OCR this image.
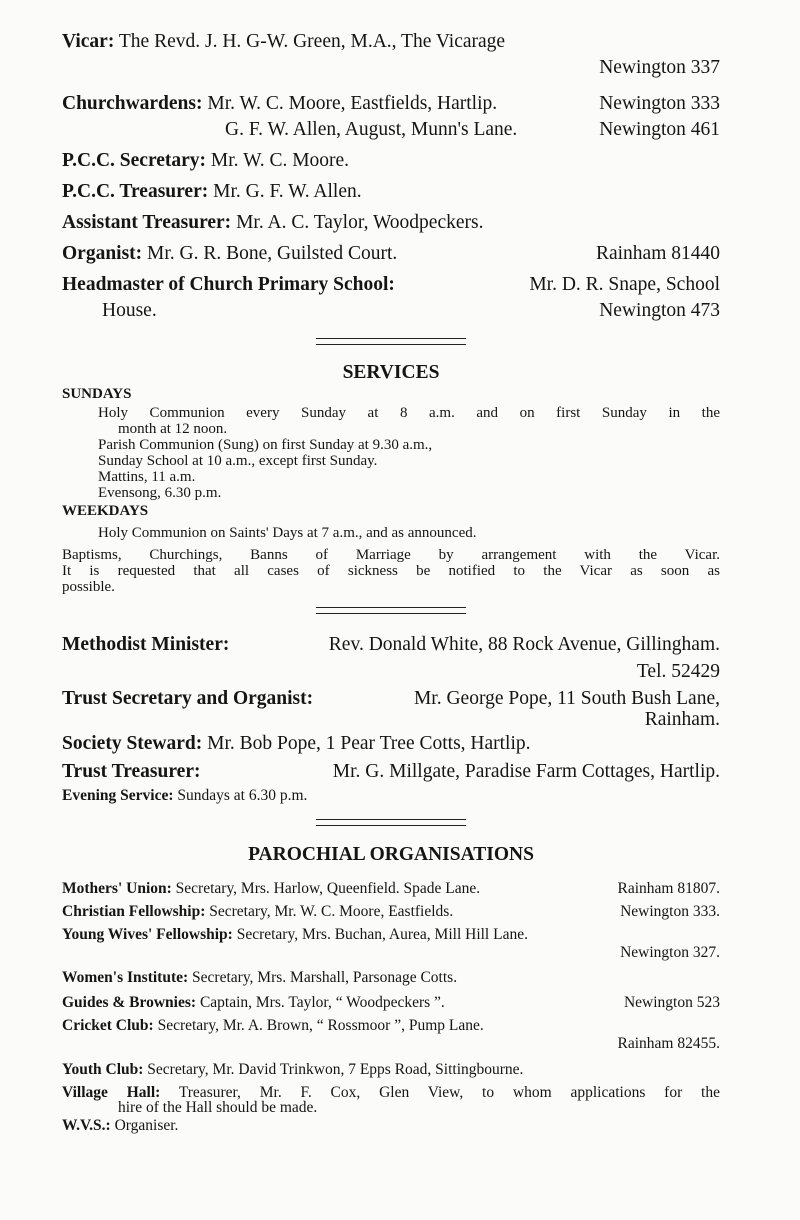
Vicar: The Revd. J. H. G-W. Green, M.A., The Vicarage
Newington 337
Churchwardens: Mr. W. C. Moore, Eastfields, Hartlip.	Newington 333
G. F. W. Allen, August, Munn's Lane.	Newington 461
P.C.C. Secretary: Mr. W. C. Moore.
P.C.C. Treasurer: Mr. G. F. W. Allen.
Assistant Treasurer: Mr. A. C. Taylor, Woodpeckers.
Organist: Mr. G. R. Bone, Guilsted Court.	Rainham 81440
Headmaster of Church Primary School:	Mr. D. R. Snape, School
House.	Newington 473
SERVICES
SUNDAYS
Holy Communion every Sunday at 8 a.m. and on first Sunday in the
month at 12 noon.
Parish Communion (Sung) on first Sunday at 9.30 a.m.,
Sunday School at 10 a.m., except first Sunday.
Mattins, 11 a.m.
Evensong, 6.30 p.m.
WEEKDAYS
Holy Communion on Saints' Days at 7 a.m., and as announced.
Baptisms, Churchings, Banns of Marriage by arrangement with the Vicar.
It is requested that all cases of sickness be notified to the Vicar as soon as
possible.
Methodist Minister:	Rev. Donald White, 88 Rock Avenue, Gillingham.
Tel. 52429
Trust Secretary and Organist:	Mr. George Pope, 11 South Bush Lane,
Rainham.
Society Steward: Mr. Bob Pope, 1 Pear Tree Cotts, Hartlip.
Trust Treasurer:	Mr. G. Millgate, Paradise Farm Cottages, Hartlip.
Evening Service: Sundays at 6.30 p.m.
PAROCHIAL ORGANISATIONS
Mothers' Union: Secretary, Mrs. Harlow, Queenfield. Spade Lane.	Rainham 81807.
Christian Fellowship: Secretary, Mr. W. C. Moore, Eastfields.	Newington 333.
Young Wives' Fellowship: Secretary, Mrs. Buchan, Aurea, Mill Hill Lane.
Newington 327.
Women's Institute: Secretary, Mrs. Marshall, Parsonage Cotts.
Guides & Brownies: Captain, Mrs. Taylor, “ Woodpeckers ”.	Newington 523
Cricket Club: Secretary, Mr. A. Brown, “ Rossmoor ”, Pump Lane.
Rainham 82455.
Youth Club: Secretary, Mr. David Trinkwon, 7 Epps Road, Sittingbourne.
Village Hall: Treasurer, Mr. F. Cox, Glen View, to whom applications for the
hire of the Hall should be made.
W.V.S.: Organiser.
